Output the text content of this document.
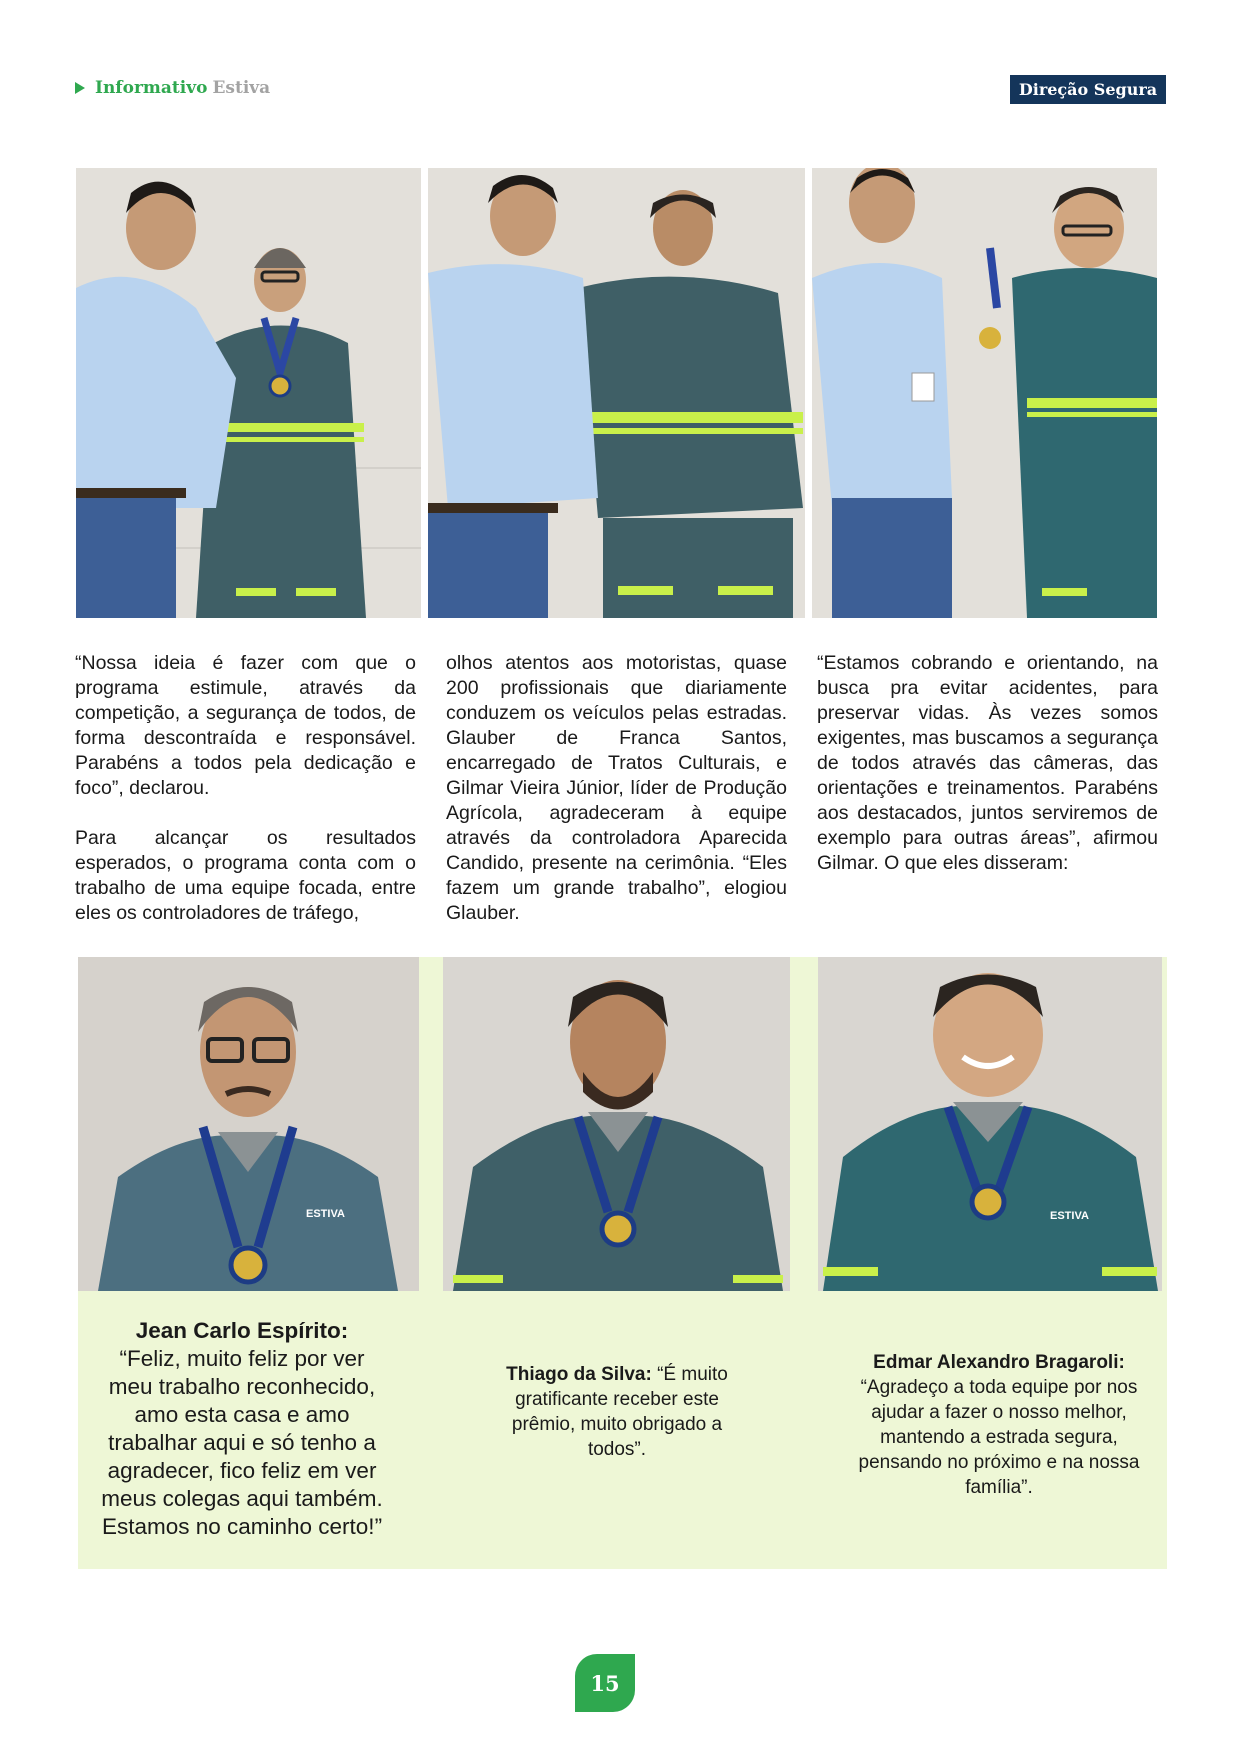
Informativo Estiva	Direção Segura

“Nossa ideia é fazer com que o programa estimule, através da competição, a segurança de todos, de forma descontraída e responsável. Parabéns a todos pela dedicação e foco”, declarou.

Para alcançar os resultados esperados, o programa conta com o trabalho de uma equipe focada, entre eles os controladores de tráfego,

olhos atentos aos motoristas, quase 200 profissionais que diariamente conduzem os veículos pelas estradas. Glauber de Franca Santos, encarregado de Tratos Culturais, e Gilmar Vieira Júnior, líder de Produção Agrícola, agradeceram à equipe através da controladora Aparecida Candido, presente na cerimônia. “Eles fazem um grande trabalho”, elogiou Glauber.

“Estamos cobrando e orientando, na busca pra evitar acidentes, para preservar vidas. Às vezes somos exigentes, mas buscamos a segurança de todos através das câmeras, das orientações e treinamentos. Parabéns aos destacados, juntos serviremos de exemplo para outras áreas”, afirmou Gilmar. O que eles disseram:

ESTIVA	ESTIVA
Jean Carlo Espírito:
“Feliz, muito feliz por ver meu trabalho reconhecido, amo esta casa e amo trabalhar aqui e só tenho a agradecer, fico feliz em ver meus colegas aqui também. Estamos no caminho certo!”
Thiago da Silva: “É muito gratificante receber este prêmio, muito obrigado a todos”.
Edmar Alexandro Bragaroli:
“Agradeço a toda equipe por nos ajudar a fazer o nosso melhor, mantendo a estrada segura, pensando no próximo e na nossa família”.
15
